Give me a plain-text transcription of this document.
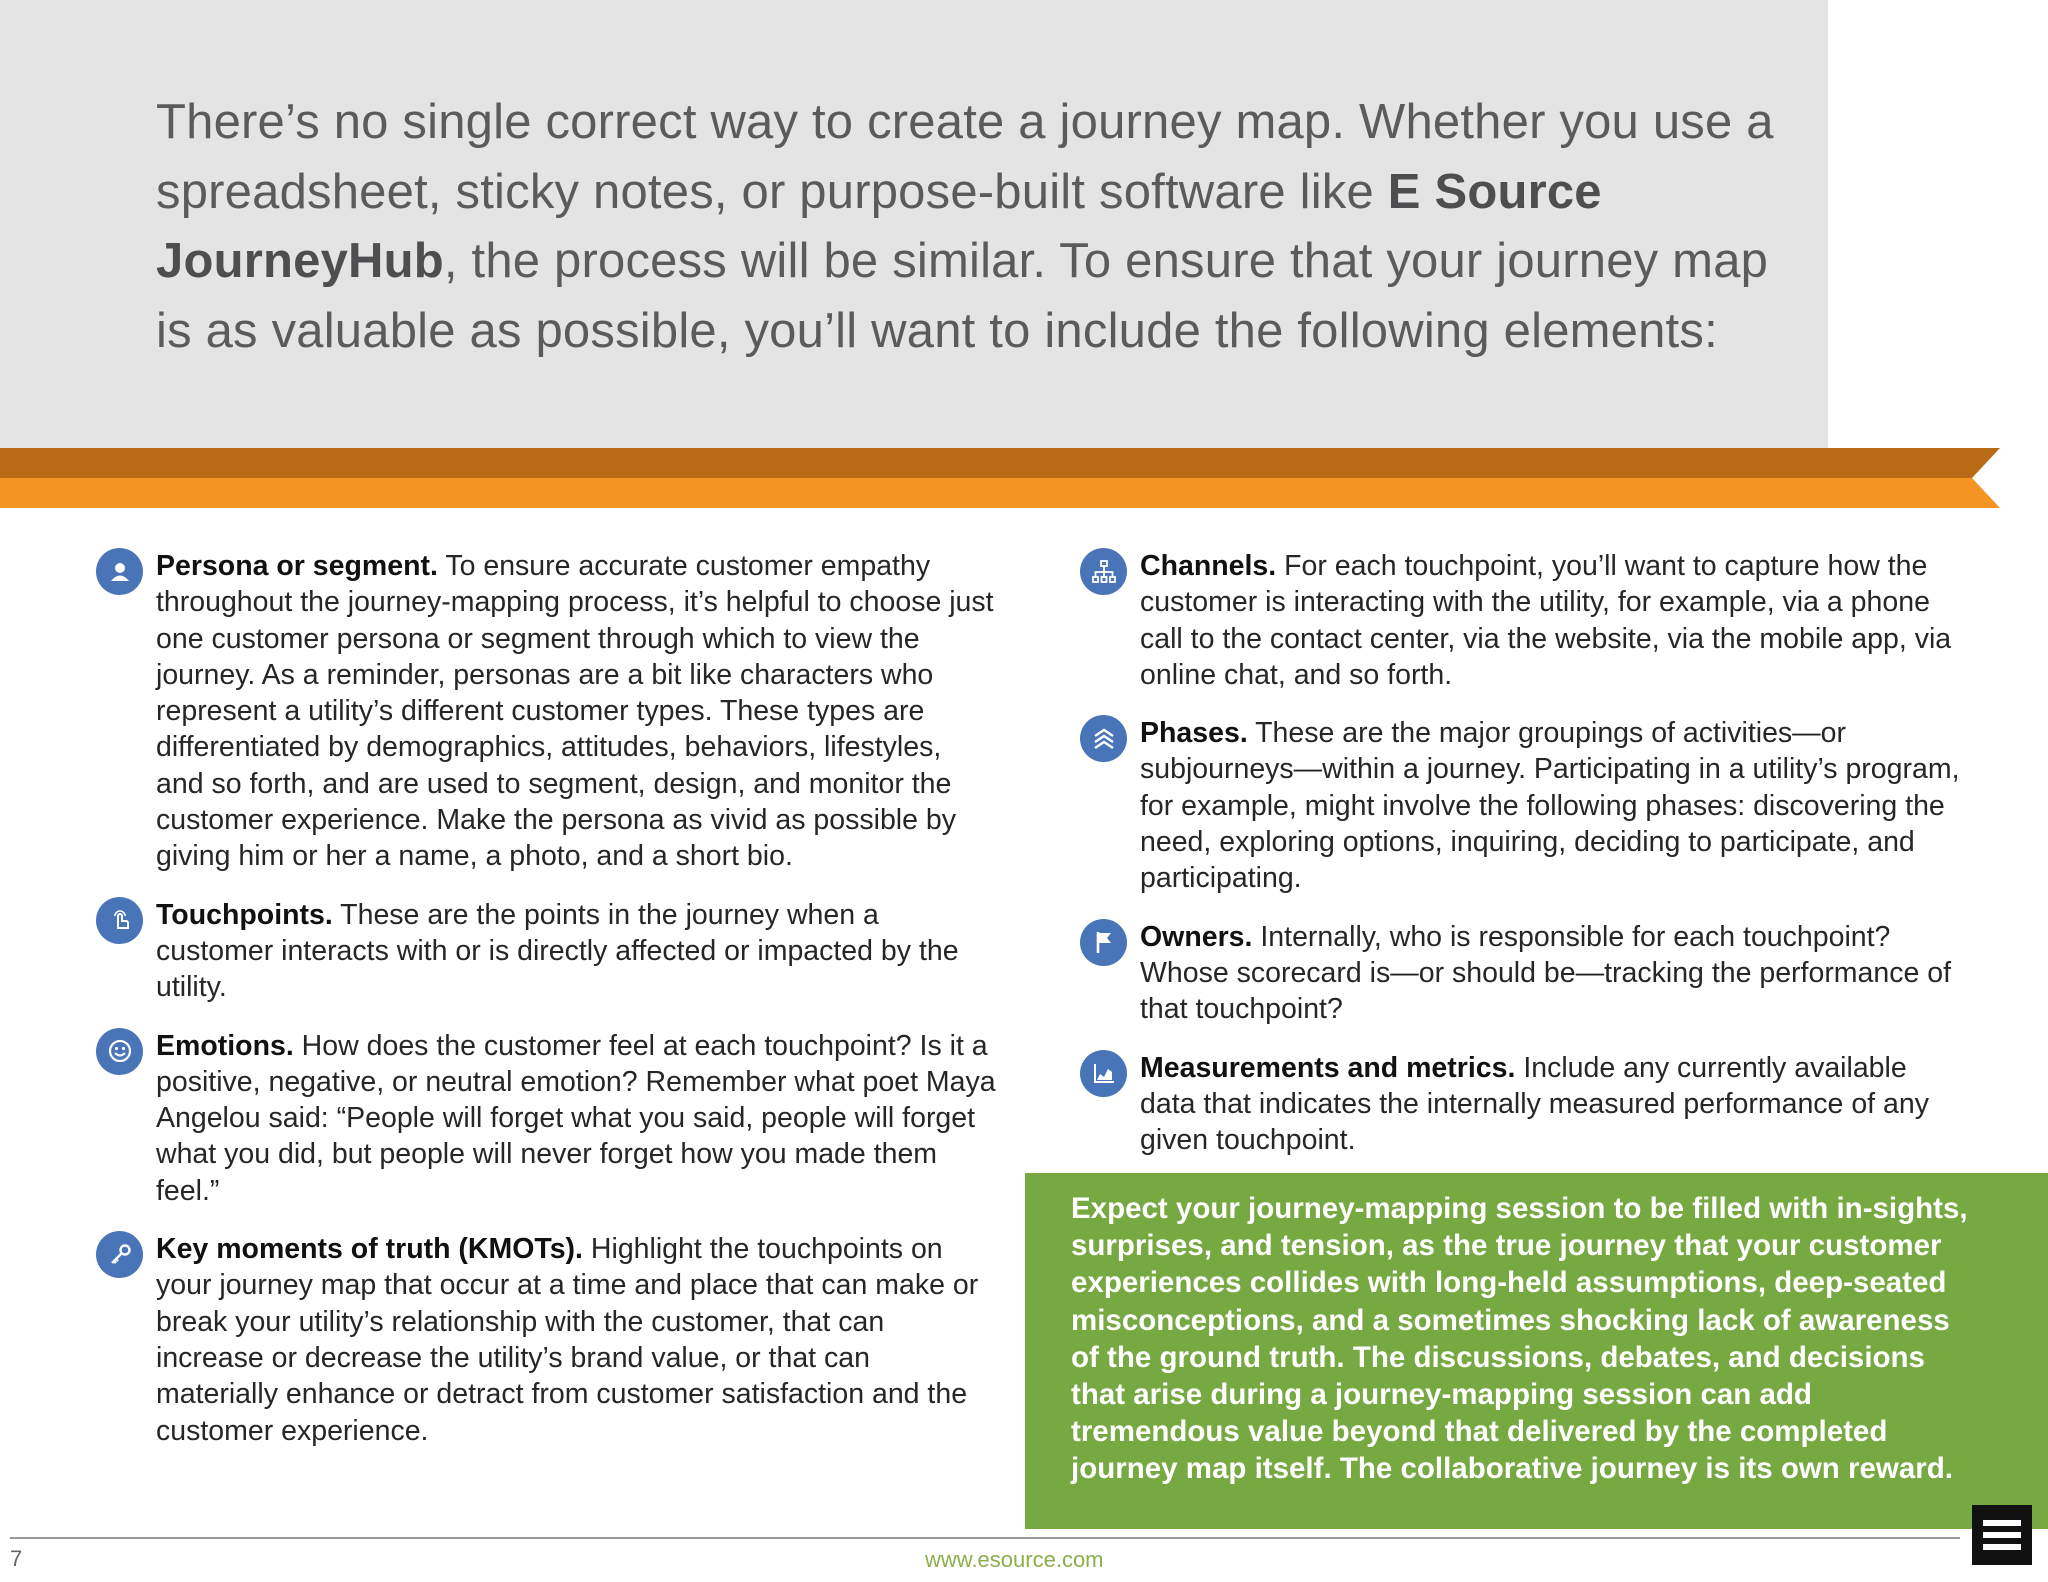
There’s no single correct way to create a journey map. Whether you use a spreadsheet, sticky notes, or purpose-built software like E Source JourneyHub, the process will be similar. To ensure that your journey map is as valuable as possible, you’ll want to include the following elements:

Persona or segment. To ensure accurate customer empathy throughout the journey-mapping process, it’s helpful to choose just one customer persona or segment through which to view the journey. As a reminder, personas are a bit like characters who represent a utility’s different customer types. These types are differentiated by demographics, attitudes, behaviors, lifestyles, and so forth, and are used to segment, design, and monitor the customer experience. Make the persona as vivid as possible by giving him or her a name, a photo, and a short bio.
Touchpoints. These are the points in the journey when a customer interacts with or is directly affected or impacted by the utility.
Emotions. How does the customer feel at each touchpoint? Is it a positive, negative, or neutral emotion? Remember what poet Maya Angelou said: “People will forget what you said, people will forget what you did, but people will never forget how you made them feel.”
Key moments of truth (KMOTs). Highlight the touchpoints on your journey map that occur at a time and place that can make or break your utility’s relationship with the customer, that can increase or decrease the utility’s brand value, or that can materially enhance or detract from customer satisfaction and the customer experience.
Channels. For each touchpoint, you’ll want to capture how the customer is interacting with the utility, for example, via a phone call to the contact center, via the website, via the mobile app, via online chat, and so forth.
Phases. These are the major groupings of activities—or subjourneys—within a journey. Participating in a utility’s program, for example, might involve the following phases: discovering the need, exploring options, inquiring, deciding to participate, and participating.
Owners. Internally, who is responsible for each touchpoint? Whose scorecard is—or should be—tracking the performance of that touchpoint?
Measurements and metrics. Include any currently available data that indicates the internally measured performance of any given touchpoint.
Expect your journey-mapping session to be filled with in-sights, surprises, and tension, as the true journey that your customer experiences collides with long-held assumptions, deep-seated misconceptions, and a sometimes shocking lack of awareness of the ground truth. The discussions, debates, and decisions that arise during a journey-mapping session can add tremendous value beyond that delivered by the completed journey map itself. The collaborative journey is its own reward.
7	www.esource.com
